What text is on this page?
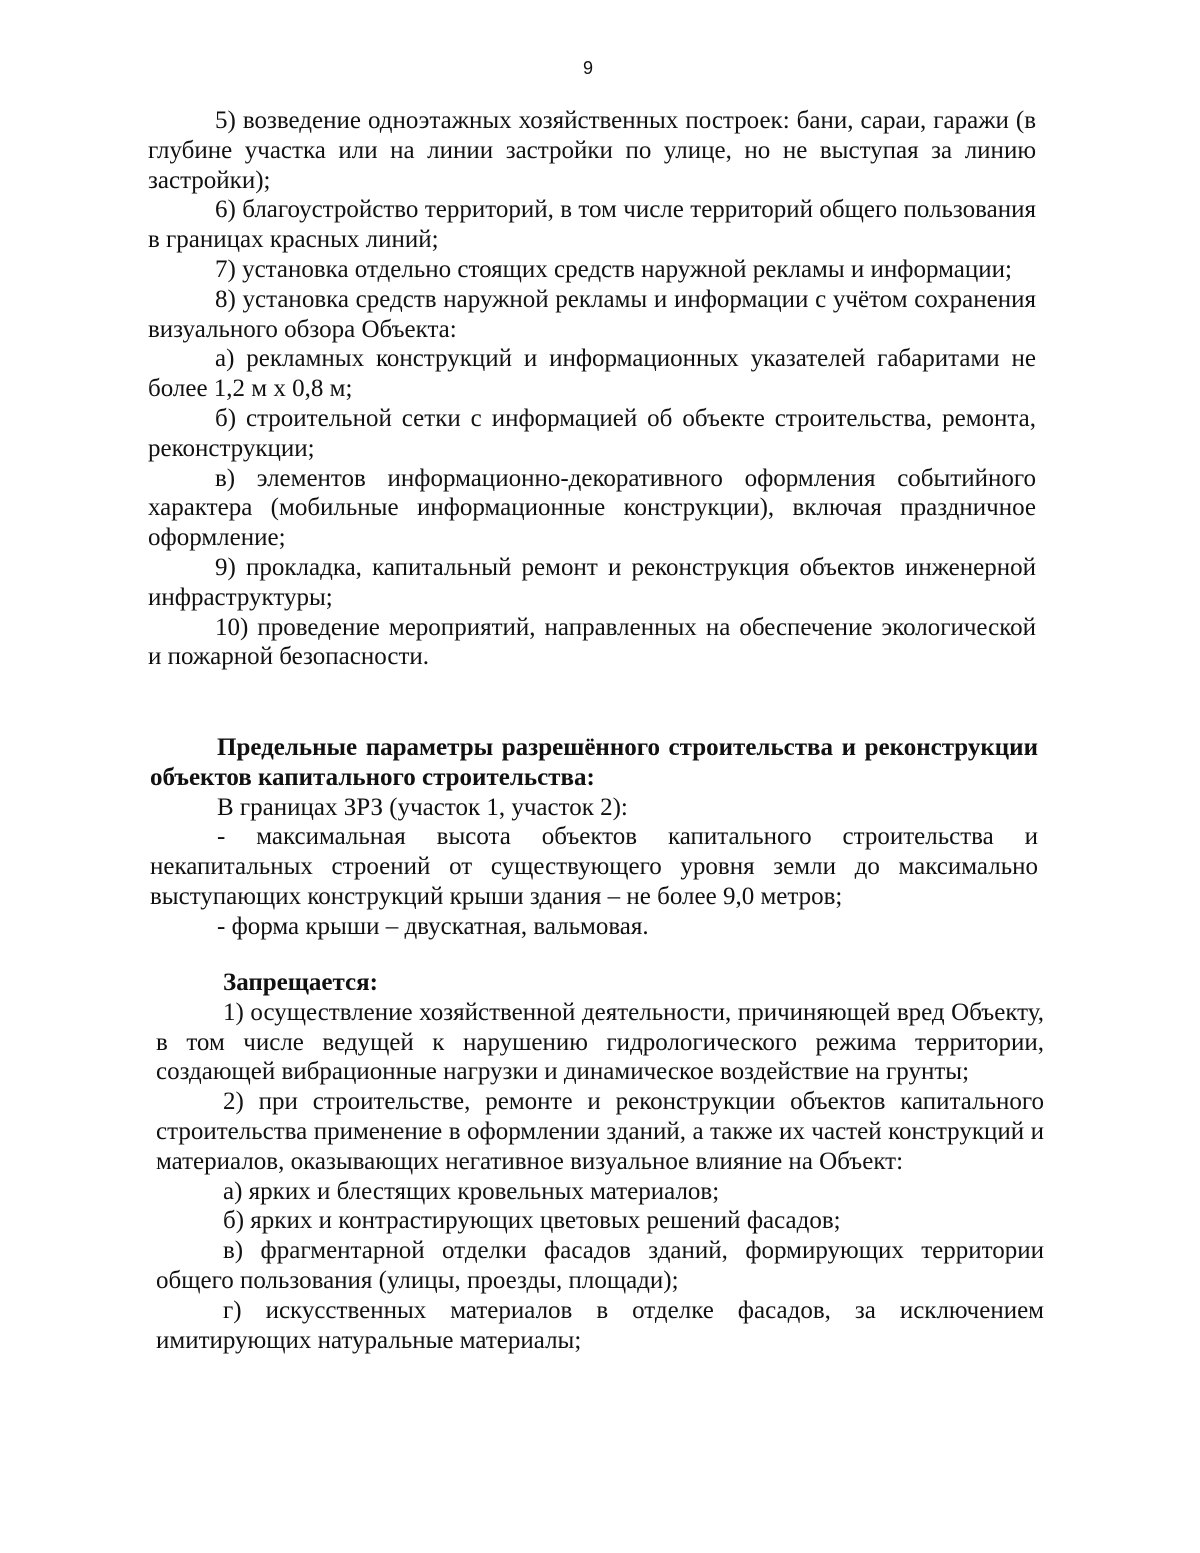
9

5) возведение одноэтажных хозяйственных построек: бани, сараи, гаражи (в глубине участка или на линии застройки по улице, но не выступая за линию застройки);

6) благоустройство территорий, в том числе территорий общего пользования в границах красных линий;

7) установка отдельно стоящих средств наружной рекламы и информации;

8) установка средств наружной рекламы и информации с учётом сохранения визуального обзора Объекта:

а) рекламных конструкций и информационных указателей габаритами не более 1,2 м x 0,8 м;

б) строительной сетки с информацией об объекте строительства, ремонта, реконструкции;

в) элементов информационно-декоративного оформления событийного характера (мобильные информационные конструкции), включая праздничное оформление;

9) прокладка, капитальный ремонт и реконструкция объектов инженерной инфраструктуры;

10) проведение мероприятий, направленных на обеспечение экологической и пожарной безопасности.

Предельные параметры разрешённого строительства и реконструкции объектов капитального строительства:

В границах ЗРЗ (участок 1, участок 2):

- максимальная высота объектов капитального строительства и некапитальных строений от существующего уровня земли до максимально выступающих конструкций крыши здания – не более 9,0 метров;

- форма крыши – двускатная, вальмовая.

Запрещается:

1) осуществление хозяйственной деятельности, причиняющей вред Объекту, в том числе ведущей к нарушению гидрологического режима территории, создающей вибрационные нагрузки и динамическое воздействие на грунты;

2) при строительстве, ремонте и реконструкции объектов капитального строительства применение в оформлении зданий, а также их частей конструкций и материалов, оказывающих негативное визуальное влияние на Объект:

а) ярких и блестящих кровельных материалов;

б) ярких и контрастирующих цветовых решений фасадов;

в) фрагментарной отделки фасадов зданий, формирующих территории общего пользования (улицы, проезды, площади);

г) искусственных материалов в отделке фасадов, за исключением имитирующих натуральные материалы;
